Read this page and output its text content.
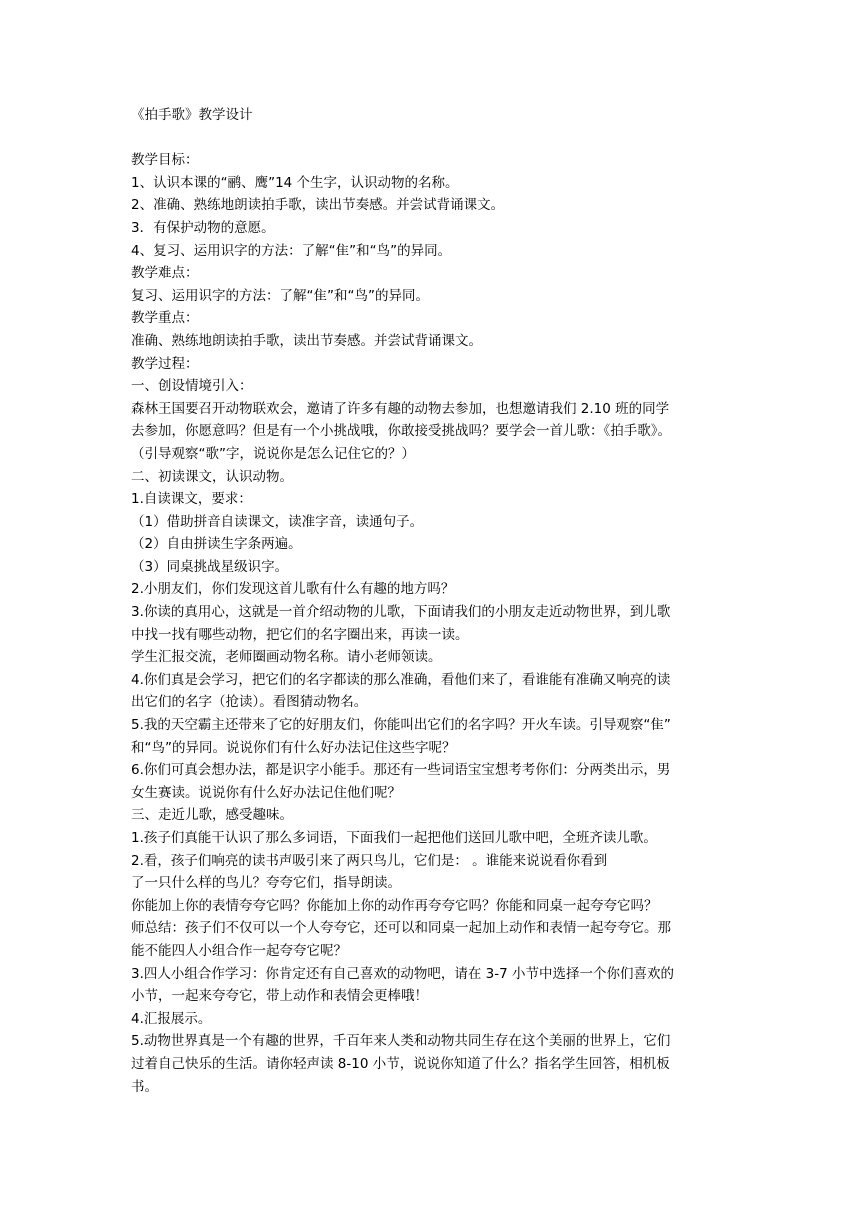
《拍手歌》教学设计
教学目标：
1、认识本课的“鹂、鹰”14 个生字，认识动物的名称。
2、准确、熟练地朗读拍手歌，读出节奏感。并尝试背诵课文。
3．有保护动物的意愿。
4、复习、运用识字的方法：了解“隹”和“鸟”的异同。
教学难点：
复习、运用识字的方法：了解“隹”和“鸟”的异同。
教学重点：
准确、熟练地朗读拍手歌，读出节奏感。并尝试背诵课文。
教学过程：
一、创设情境引入：
森林王国要召开动物联欢会，邀请了许多有趣的动物去参加，也想邀请我们 2.10 班的同学
去参加，你愿意吗？但是有一个小挑战哦，你敢接受挑战吗？要学会一首儿歌：《拍手歌》。
（引导观察“歌”字，说说你是怎么记住它的？）
二、初读课文，认识动物。
1.自读课文，要求：
（1）借助拼音自读课文，读准字音，读通句子。
（2）自由拼读生字条两遍。
（3）同桌挑战星级识字。
2.小朋友们，你们发现这首儿歌有什么有趣的地方吗？
3.你读的真用心，这就是一首介绍动物的儿歌，下面请我们的小朋友走近动物世界，到儿歌
中找一找有哪些动物，把它们的名字圈出来，再读一读。
学生汇报交流，老师圈画动物名称。请小老师领读。
4.你们真是会学习，把它们的名字都读的那么准确，看他们来了，看谁能有准确又响亮的读
出它们的名字（抢读）。看图猜动物名。
5.我的天空霸主还带来了它的好朋友们，你能叫出它们的名字吗？开火车读。引导观察“隹”
和“鸟”的异同。说说你们有什么好办法记住这些字呢？
6.你们可真会想办法，都是识字小能手。那还有一些词语宝宝想考考你们：分两类出示，男
女生赛读。说说你有什么好办法记住他们呢？
三、走近儿歌，感受趣味。
1.孩子们真能干认识了那么多词语，下面我们一起把他们送回儿歌中吧，全班齐读儿歌。
2.看，孩子们响亮的读书声吸引来了两只鸟儿，它们是： 。谁能来说说看你看到
了一只什么样的鸟儿？夸夸它们，指导朗读。
你能加上你的表情夸夸它吗？你能加上你的动作再夸夸它吗？你能和同桌一起夸夸它吗？
师总结：孩子们不仅可以一个人夸夸它，还可以和同桌一起加上动作和表情一起夸夸它。那
能不能四人小组合作一起夸夸它呢？
3.四人小组合作学习：你肯定还有自己喜欢的动物吧，请在 3-7 小节中选择一个你们喜欢的
小节，一起来夸夸它，带上动作和表情会更棒哦！
4.汇报展示。
5.动物世界真是一个有趣的世界，千百年来人类和动物共同生存在这个美丽的世界上，它们
过着自己快乐的生活。请你轻声读 8-10 小节，说说你知道了什么？指名学生回答，相机板
书。
